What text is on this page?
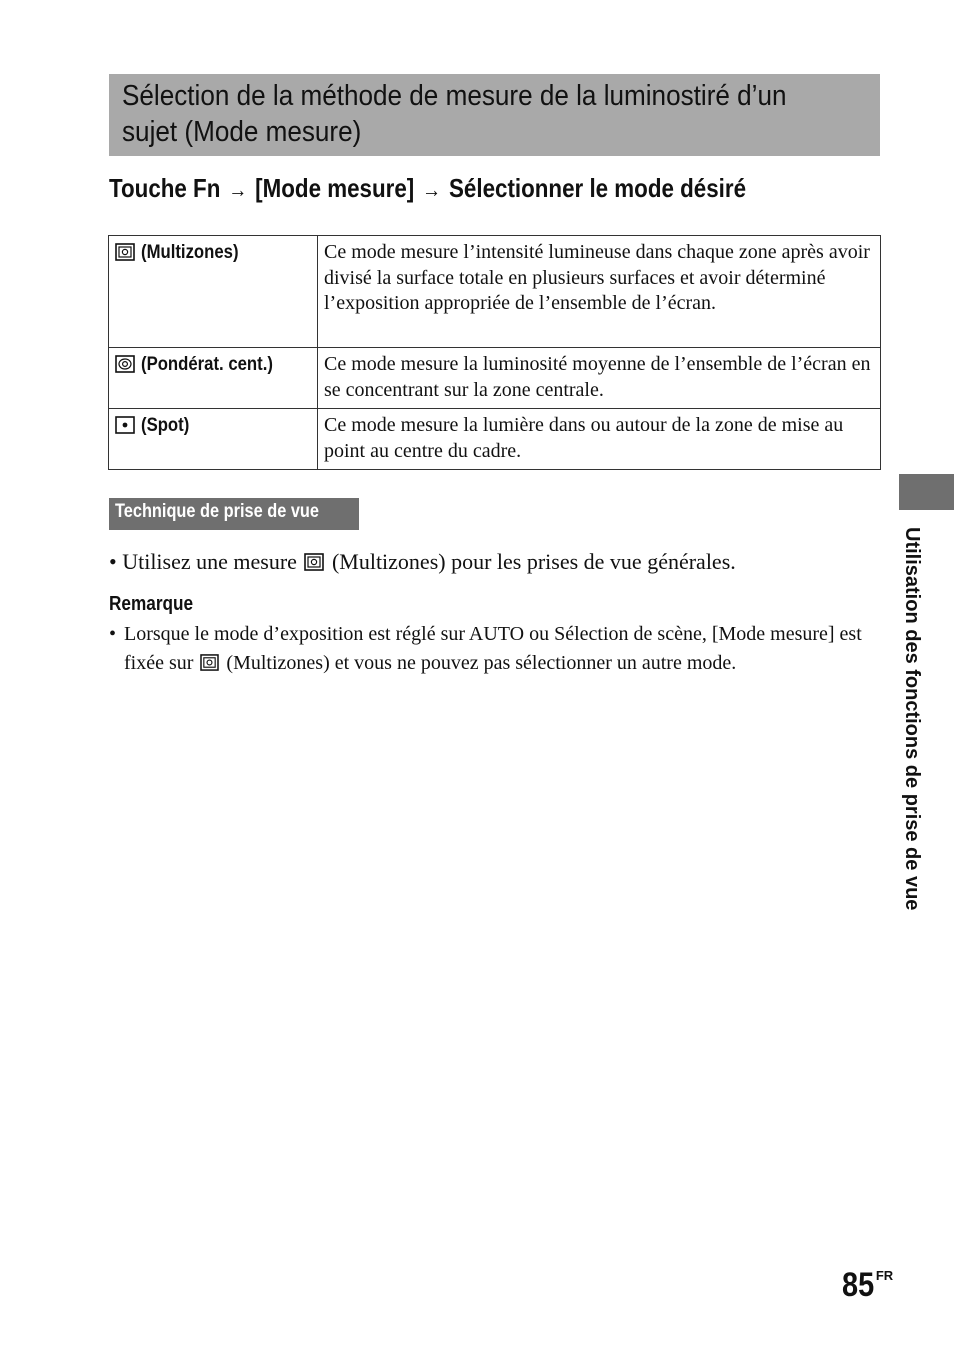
Sélection de la méthode de mesure de la luminostiré d’un
sujet (Mode mesure)
Touche Fn → [Mode mesure] → Sélectionner le mode désiré
(Multizones)	Ce mode mesure l’intensité lumineuse dans chaque zone après avoir divisé la surface totale en plusieurs surfaces et avoir déterminé l’exposition appropriée de l’ensemble de l’écran.
(Pondérat. cent.)	Ce mode mesure la luminosité moyenne de l’ensemble de l’écran en se concentrant sur la zone centrale.
(Spot)	Ce mode mesure la lumière dans ou autour de la zone de mise au point au centre du cadre.
Technique de prise de vue
• Utilisez une mesure (Multizones) pour les prises de vue générales.
Remarque
• Lorsque le mode d’exposition est réglé sur AUTO ou Sélection de scène, [Mode mesure] est fixée sur (Multizones) et vous ne pouvez pas sélectionner un autre mode.	Utilisation des fonctions de prise de vue
85 $^{FR}$
